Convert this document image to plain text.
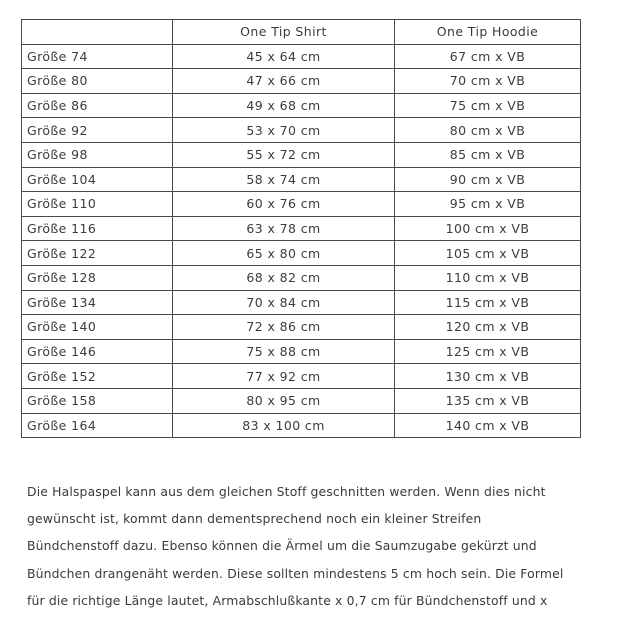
	One Tip Shirt	One Tip Hoodie
Größe 74	45 x 64 cm	67 cm x VB
Größe 80	47 x 66 cm	70 cm x VB
Größe 86	49 x 68 cm	75 cm x VB
Größe 92	53 x 70 cm	80 cm x VB
Größe 98	55 x 72 cm	85 cm x VB
Größe 104	58 x 74 cm	90 cm x VB
Größe 110	60 x 76 cm	95 cm x VB
Größe 116	63 x 78 cm	100 cm x VB
Größe 122	65 x 80 cm	105 cm x VB
Größe 128	68 x 82 cm	110 cm x VB
Größe 134	70 x 84 cm	115 cm x VB
Größe 140	72 x 86 cm	120 cm x VB
Größe 146	75 x 88 cm	125 cm x VB
Größe 152	77 x 92 cm	130 cm x VB
Größe 158	80 x 95 cm	135 cm x VB
Größe 164	83 x 100 cm	140 cm x VB

Die Halspaspel kann aus dem gleichen Stoff geschnitten werden. Wenn dies nicht
gewünscht ist, kommt dann dementsprechend noch ein kleiner Streifen
Bündchenstoff dazu. Ebenso können die Ärmel um die Saumzugabe gekürzt und
Bündchen drangenäht werden. Diese sollten mindestens 5 cm hoch sein. Die Formel
für die richtige Länge lautet, Armabschlußkante x 0,7 cm für Bündchenstoff und x
